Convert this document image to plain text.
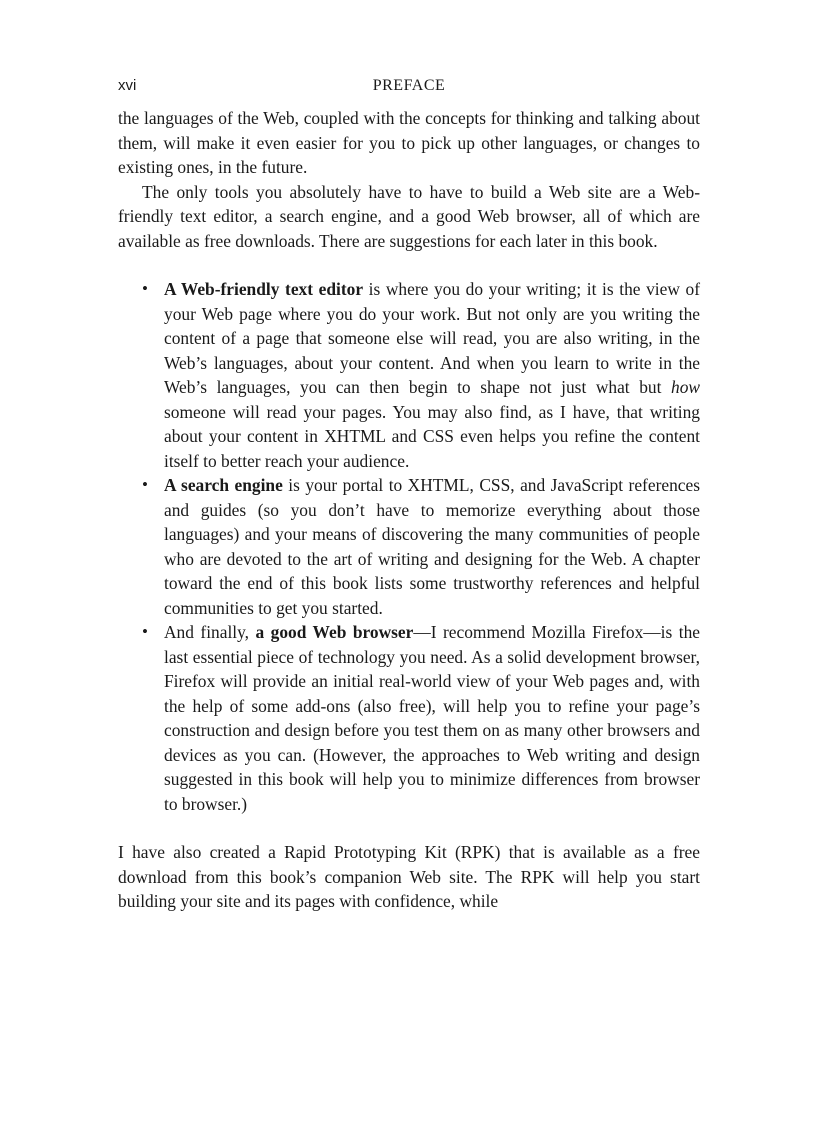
xvi	PREFACE

the languages of the Web, coupled with the concepts for thinking and talking about them, will make it even easier for you to pick up other languages, or changes to existing ones, in the future.

The only tools you absolutely have to have to build a Web site are a Web-friendly text editor, a search engine, and a good Web browser, all of which are available as free downloads. There are suggestions for each later in this book.

• A Web-friendly text editor is where you do your writing; it is the view of your Web page where you do your work. But not only are you writing the content of a page that someone else will read, you are also writing, in the Web’s languages, about your content. And when you learn to write in the Web’s languages, you can then begin to shape not just what but how someone will read your pages. You may also find, as I have, that writing about your content in XHTML and CSS even helps you refine the content itself to better reach your audience.
• A search engine is your portal to XHTML, CSS, and JavaScript references and guides (so you don’t have to memorize everything about those languages) and your means of discovering the many communities of people who are devoted to the art of writing and designing for the Web. A chapter toward the end of this book lists some trustworthy references and helpful communities to get you started.
• And finally, a good Web browser—I recommend Mozilla Firefox—is the last essential piece of technology you need. As a solid development browser, Firefox will provide an initial real-world view of your Web pages and, with the help of some add-ons (also free), will help you to refine your page’s construction and design before you test them on as many other browsers and devices as you can. (However, the approaches to Web writing and design suggested in this book will help you to minimize differences from browser to browser.)

I have also created a Rapid Prototyping Kit (RPK) that is available as a free download from this book’s companion Web site. The RPK will help you start building your site and its pages with confidence, while
